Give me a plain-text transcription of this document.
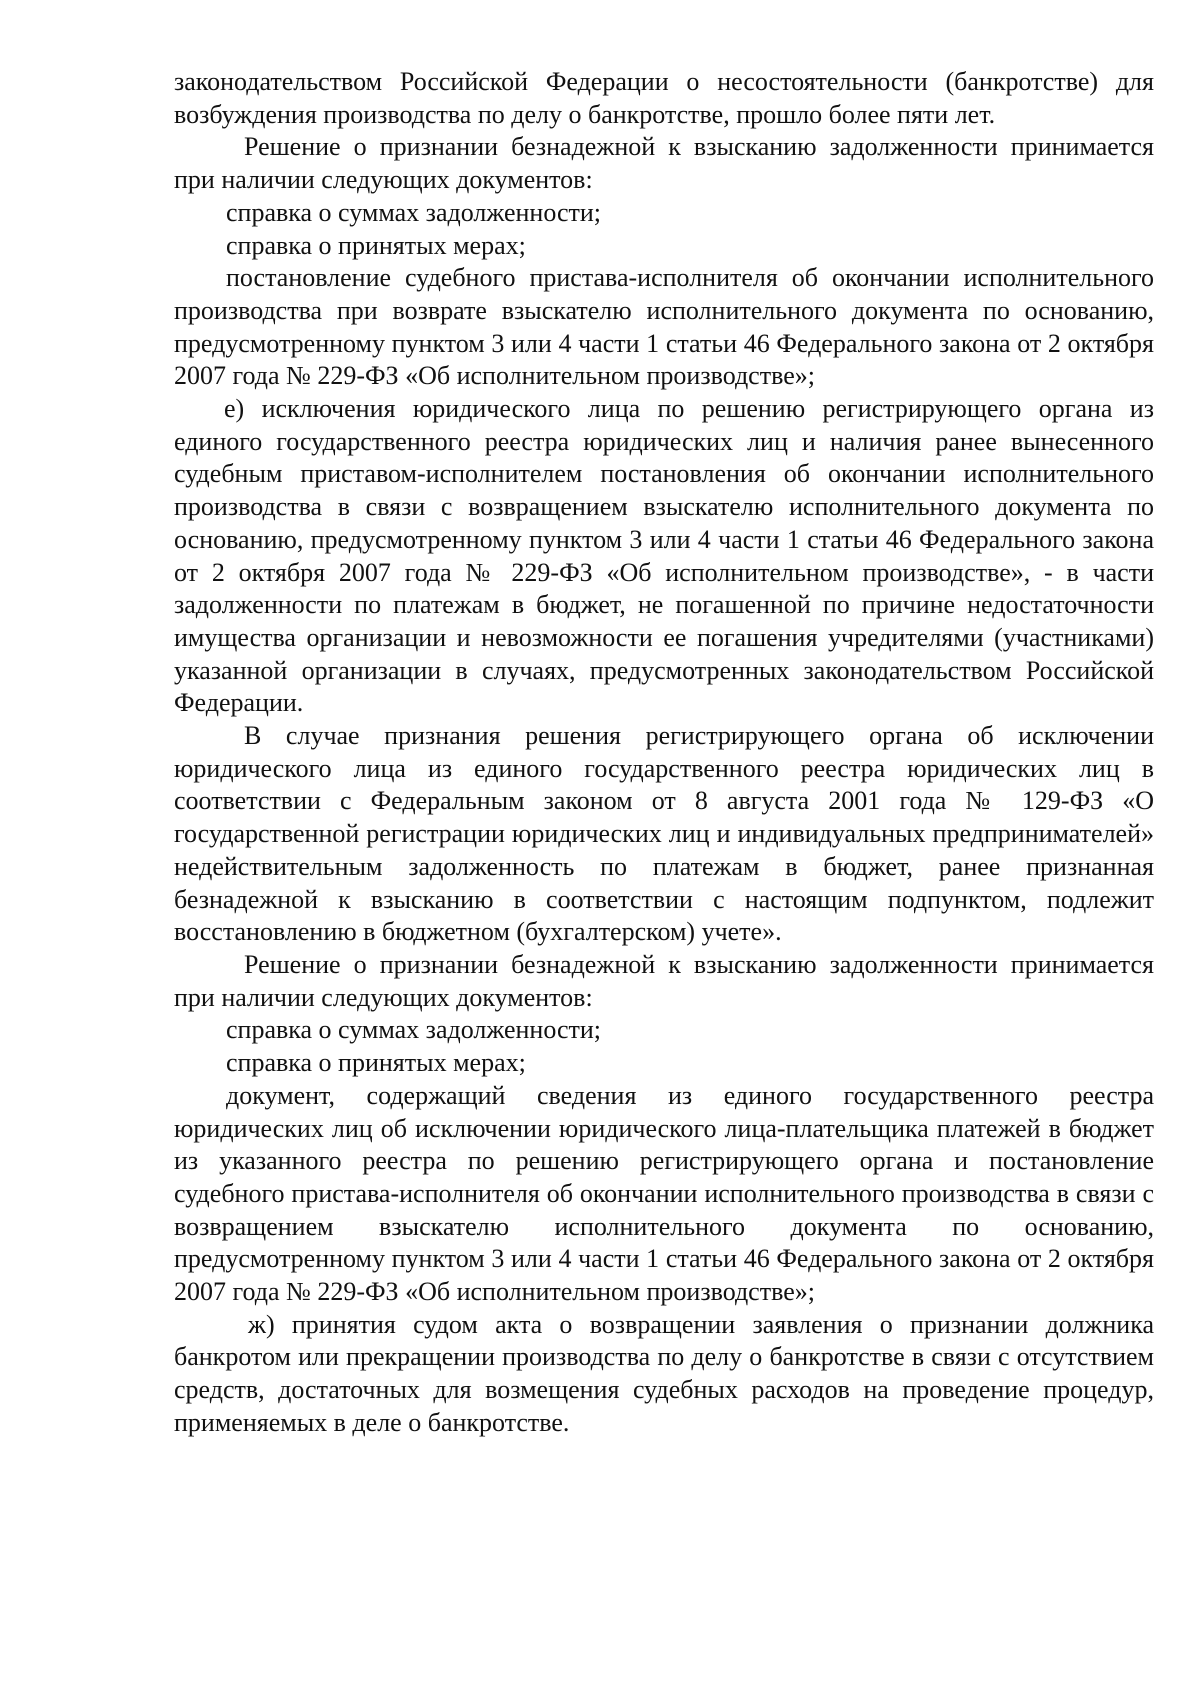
законодательством Российской Федерации о несостоятельности (банкротстве) для возбуждения производства по делу о банкротстве, прошло более пяти лет.

Решение о признании безнадежной к взысканию задолженности принимается при наличии следующих документов:

справка о суммах задолженности;

справка о принятых мерах;

постановление судебного пристава-исполнителя об окончании исполнительного производства при возврате взыскателю исполнительного документа по основанию, предусмотренному пунктом 3 или 4 части 1 статьи 46 Федерального закона от 2 октября 2007 года № 229-ФЗ «Об исполнительном производстве»;

е) исключения юридического лица по решению регистрирующего органа из единого государственного реестра юридических лиц и наличия ранее вынесенного судебным приставом-исполнителем постановления об окончании исполнительного производства в связи с возвращением взыскателю исполнительного документа по основанию, предусмотренному пунктом 3 или 4 части 1 статьи 46 Федерального закона от 2 октября 2007 года № 229-ФЗ «Об исполнительном производстве», - в части задолженности по платежам в бюджет, не погашенной по причине недостаточности имущества организации и невозможности ее погашения учредителями (участниками) указанной организации в случаях, предусмотренных законодательством Российской Федерации.

В случае признания решения регистрирующего органа об исключении юридического лица из единого государственного реестра юридических лиц в соответствии с Федеральным законом от 8 августа 2001 года № 129-ФЗ «О государственной регистрации юридических лиц и индивидуальных предпринимателей» недействительным задолженность по платежам в бюджет, ранее признанная безнадежной к взысканию в соответствии с настоящим подпунктом, подлежит восстановлению в бюджетном (бухгалтерском) учете».

Решение о признании безнадежной к взысканию задолженности принимается при наличии следующих документов:

справка о суммах задолженности;

справка о принятых мерах;

документ, содержащий сведения из единого государственного реестра юридических лиц об исключении юридического лица-плательщика платежей в бюджет из указанного реестра по решению регистрирующего органа и постановление судебного пристава-исполнителя об окончании исполнительного производства в связи с возвращением взыскателю исполнительного документа по основанию, предусмотренному пунктом 3 или 4 части 1 статьи 46 Федерального закона от 2 октября 2007 года № 229-ФЗ «Об исполнительном производстве»;

ж) принятия судом акта о возвращении заявления о признании должника банкротом или прекращении производства по делу о банкротстве в связи с отсутствием средств, достаточных для возмещения судебных расходов на проведение процедур, применяемых в деле о банкротстве.
